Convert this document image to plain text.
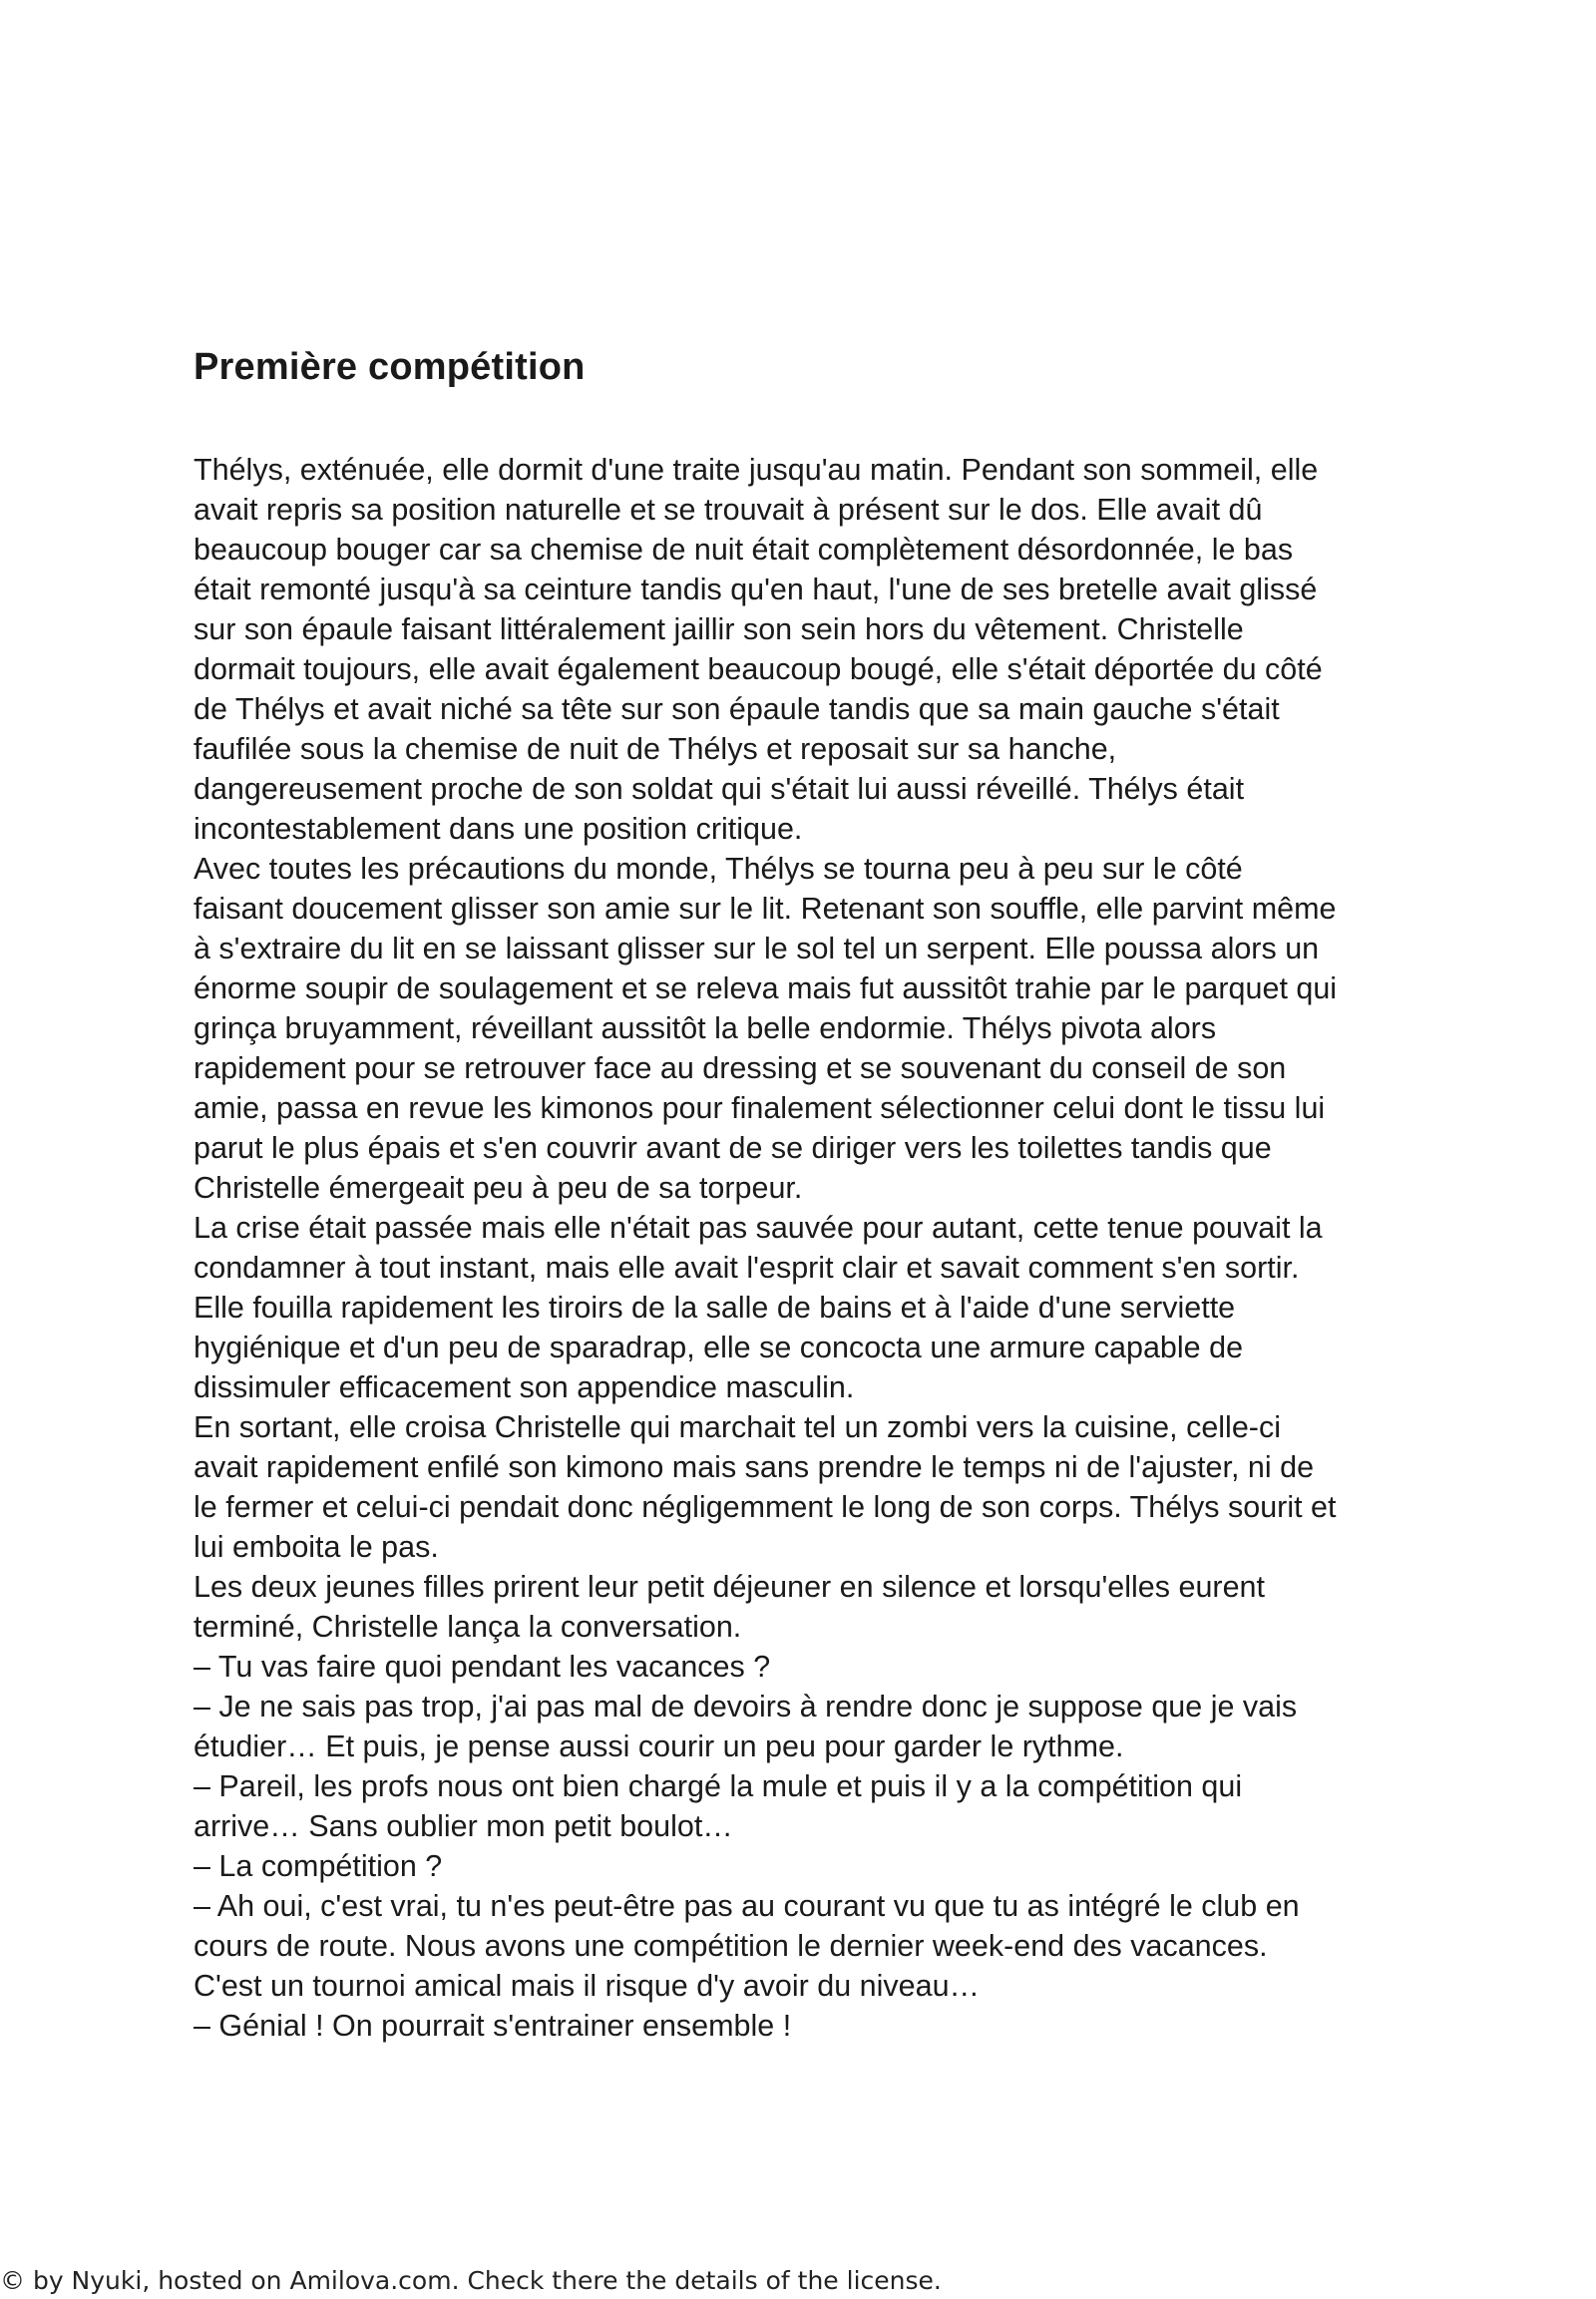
Première compétition
Thélys, exténuée, elle dormit d'une traite jusqu'au matin. Pendant son sommeil, elle
avait repris sa position naturelle et se trouvait à présent sur le dos. Elle avait dû
beaucoup bouger car sa chemise de nuit était complètement désordonnée, le bas
était remonté jusqu'à sa ceinture tandis qu'en haut, l'une de ses bretelle avait glissé
sur son épaule faisant littéralement jaillir son sein hors du vêtement. Christelle
dormait toujours, elle avait également beaucoup bougé, elle s'était déportée du côté
de Thélys et avait niché sa tête sur son épaule tandis que sa main gauche s'était
faufilée sous la chemise de nuit de Thélys et reposait sur sa hanche,
dangereusement proche de son soldat qui s'était lui aussi réveillé. Thélys était
incontestablement dans une position critique.
Avec toutes les précautions du monde, Thélys se tourna peu à peu sur le côté
faisant doucement glisser son amie sur le lit. Retenant son souffle, elle parvint même
à s'extraire du lit en se laissant glisser sur le sol tel un serpent. Elle poussa alors un
énorme soupir de soulagement et se releva mais fut aussitôt trahie par le parquet qui
grinça bruyamment, réveillant aussitôt la belle endormie. Thélys pivota alors
rapidement pour se retrouver face au dressing et se souvenant du conseil de son
amie, passa en revue les kimonos pour finalement sélectionner celui dont le tissu lui
parut le plus épais et s'en couvrir avant de se diriger vers les toilettes tandis que
Christelle émergeait peu à peu de sa torpeur.
La crise était passée mais elle n'était pas sauvée pour autant, cette tenue pouvait la
condamner à tout instant, mais elle avait l'esprit clair et savait comment s'en sortir.
Elle fouilla rapidement les tiroirs de la salle de bains et à l'aide d'une serviette
hygiénique et d'un peu de sparadrap, elle se concocta une armure capable de
dissimuler efficacement son appendice masculin.
En sortant, elle croisa Christelle qui marchait tel un zombi vers la cuisine, celle-ci
avait rapidement enfilé son kimono mais sans prendre le temps ni de l'ajuster, ni de
le fermer et celui-ci pendait donc négligemment le long de son corps. Thélys sourit et
lui emboita le pas.
Les deux jeunes filles prirent leur petit déjeuner en silence et lorsqu'elles eurent
terminé, Christelle lança la conversation.
– Tu vas faire quoi pendant les vacances ?
– Je ne sais pas trop, j'ai pas mal de devoirs à rendre donc je suppose que je vais
étudier… Et puis, je pense aussi courir un peu pour garder le rythme.
– Pareil, les profs nous ont bien chargé la mule et puis il y a la compétition qui
arrive… Sans oublier mon petit boulot…
– La compétition ?
– Ah oui, c'est vrai, tu n'es peut-être pas au courant vu que tu as intégré le club en
cours de route. Nous avons une compétition le dernier week-end des vacances.
C'est un tournoi amical mais il risque d'y avoir du niveau…
– Génial ! On pourrait s'entrainer ensemble !
© by Nyuki, hosted on Amilova.com. Check there the details of the license.
